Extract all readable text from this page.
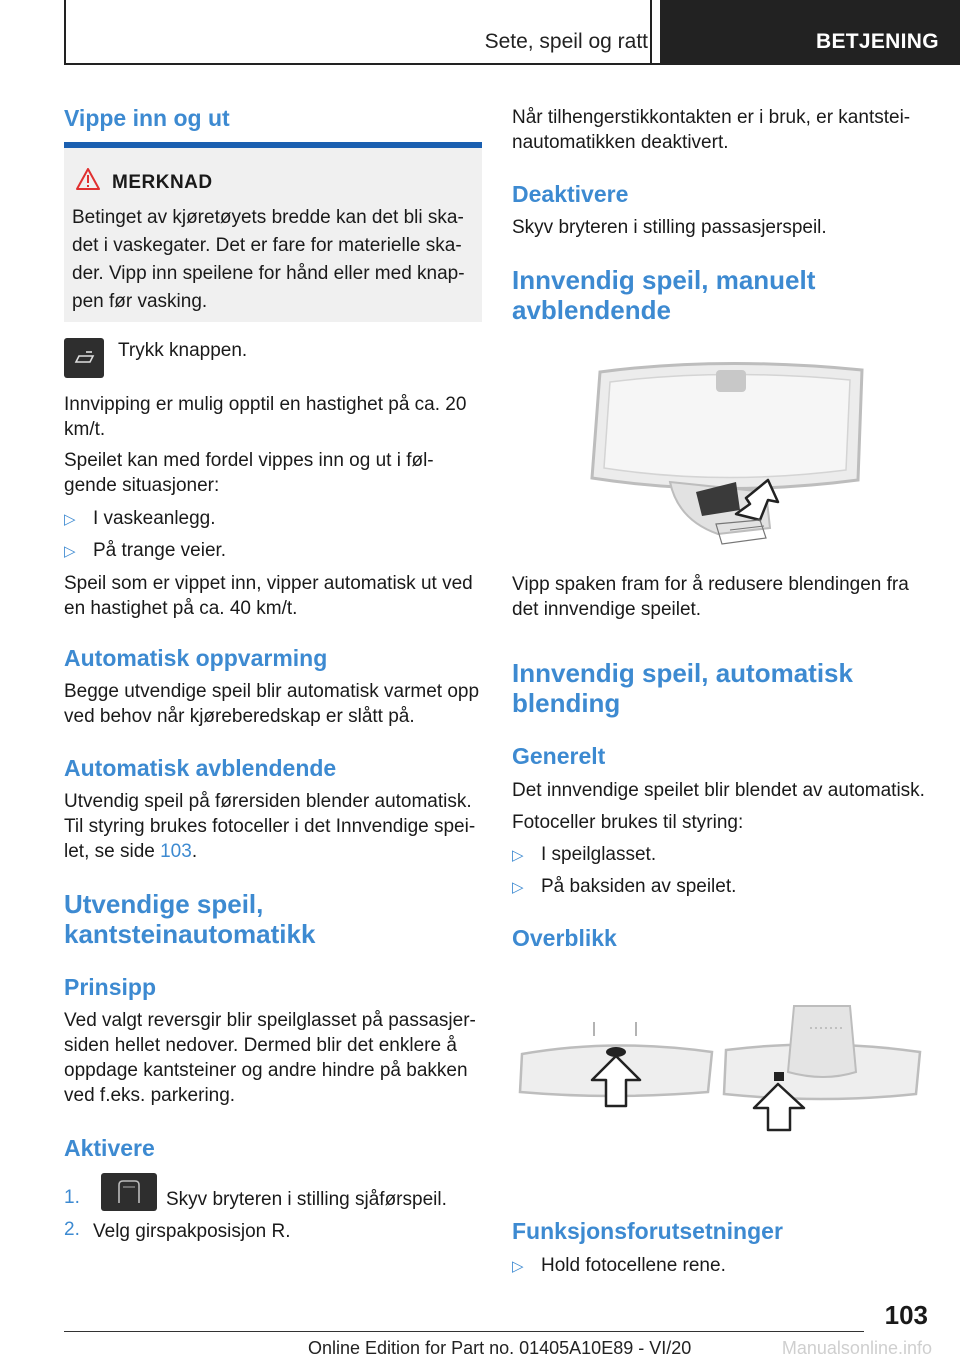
Sete, speil og ratt	BETJENING
Vippe inn og ut
MERKNAD
Betinget av kjøretøyets bredde kan det bli ska-det i vaskegater. Det er fare for materielle ska-der. Vipp inn speilene for hånd eller med knap-pen før vasking.

Trykk knappen.

Innvipping er mulig opptil en hastighet på ca. 20 km/t.

Speilet kan med fordel vippes inn og ut i føl-gende situasjoner:

▷ I vaskeanlegg.

▷ På trange veier.

Speil som er vippet inn, vipper automatisk ut ved en hastighet på ca. 40 km/t.

Automatisk oppvarming

Begge utvendige speil blir automatisk varmet opp ved behov når kjøreberedskap er slått på.

Automatisk avblendende

Utvendig speil på førersiden blender automatisk. Til styring brukes fotoceller i det Innvendige spei-let, se side 103.

Utvendige speil, kantsteinautomatikk
Prinsipp

Ved valgt reversgir blir speilglasset på passasjer-siden hellet nedover. Dermed blir det enklere å oppdage kantsteiner og andre hindre på bakken ved f.eks. parkering.

Aktivere
1.	Skyv bryteren i stilling sjåførspeil.

2. Velg girspakposisjon R.

Når tilhengerstikkontakten er i bruk, er kantstei-nautomatikken deaktivert.

Deaktivere

Skyv bryteren i stilling passasjerspeil.

Innvendig speil, manuelt avblendende

Vipp spaken fram for å redusere blendingen fra det innvendige speilet.

Innvendig speil, automatisk blending
Generelt

Det innvendige speilet blir blendet av automatisk.

Fotoceller brukes til styring:

▷ I speilglasset.

▷ På baksiden av speilet.

Overblikk
Funksjonsforutsetninger
▷ Hold fotocellene rene.

103
Online Edition for Part no. 01405A10E89 - VI/20	Manualsonline.info
